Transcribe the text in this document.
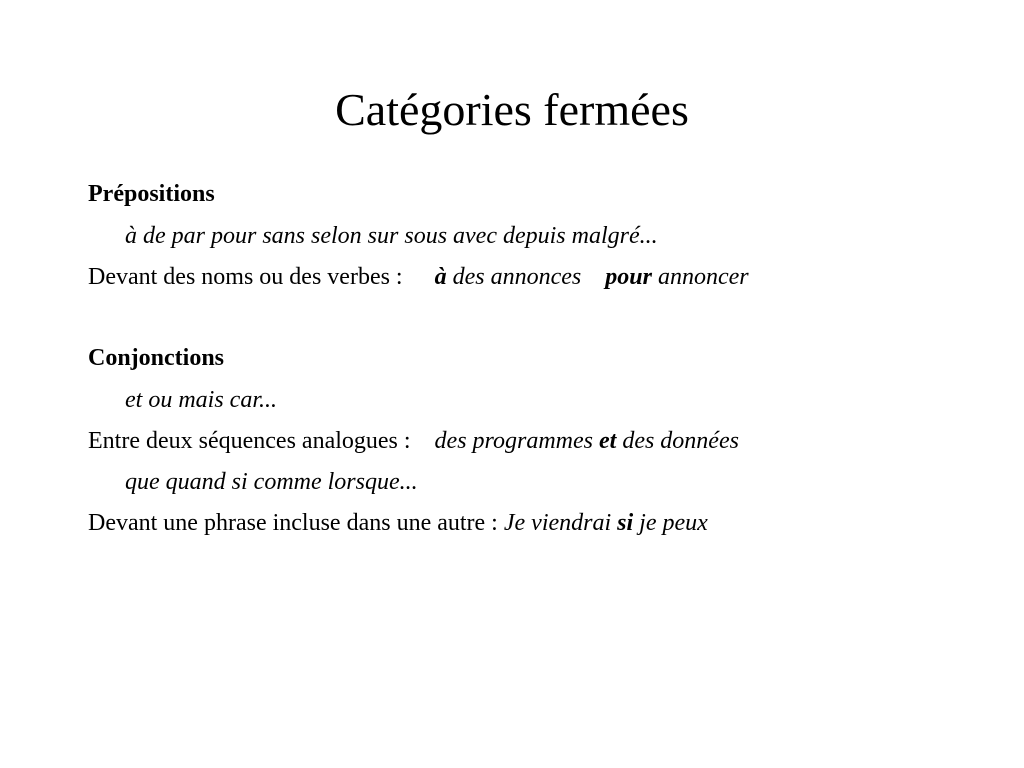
Catégories fermées
Prépositions
à de par pour sans selon sur sous avec depuis malgré...
Devant des noms ou des verbes : à des annonces pour annoncer
Conjonctions
et ou mais car...
Entre deux séquences analogues : des programmes et des données
que quand si comme lorsque...
Devant une phrase incluse dans une autre : Je viendrai si je peux
